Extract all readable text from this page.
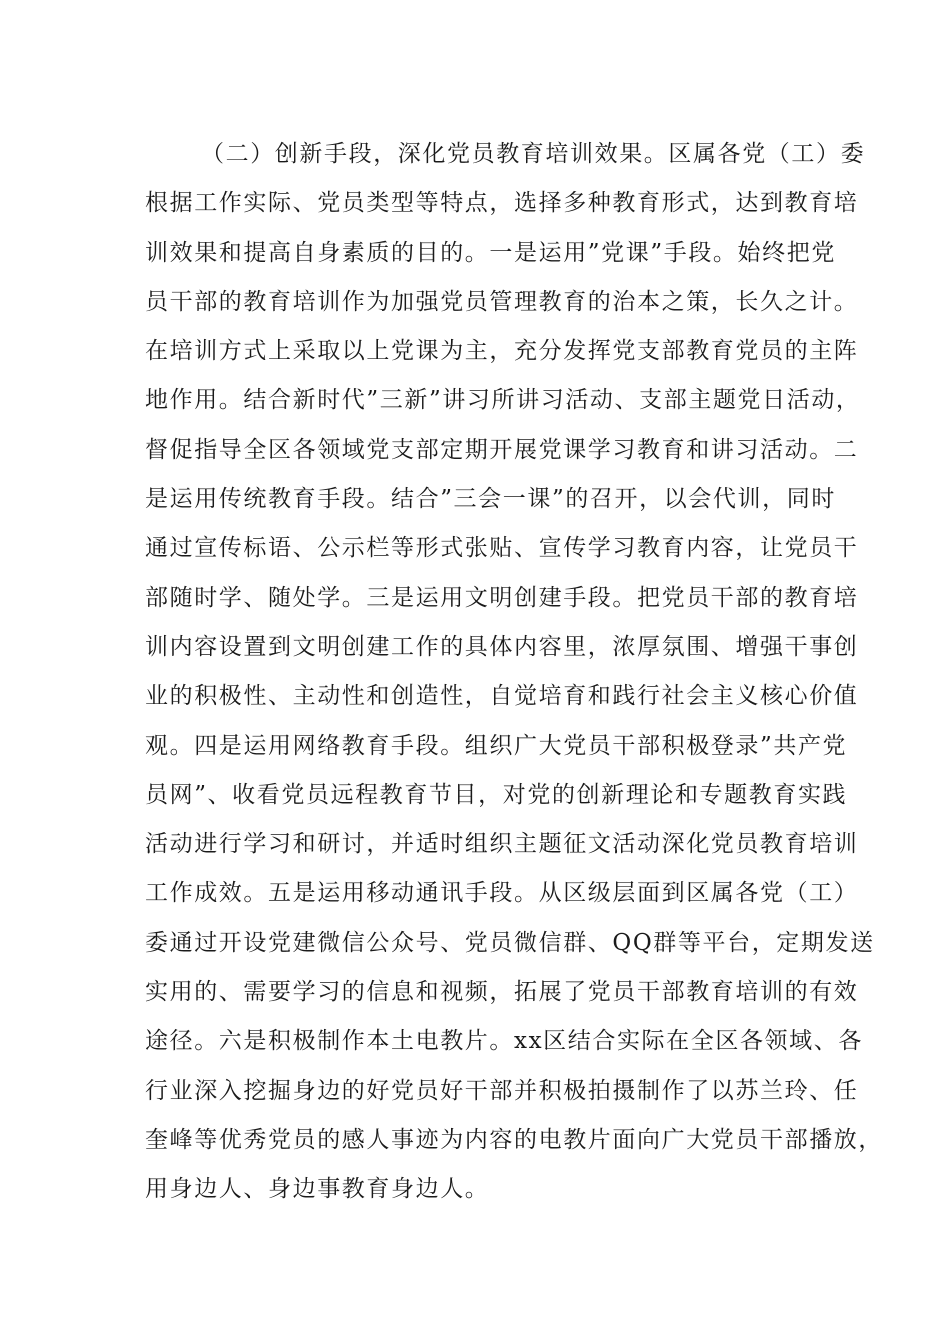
（二）创新手段，深化党员教育培训效果。区属各党（工）委
根据工作实际、党员类型等特点，选择多种教育形式，达到教育培
训效果和提高自身素质的目的。一是运用”党课”手段。始终把党
员干部的教育培训作为加强党员管理教育的治本之策，长久之计。
在培训方式上采取以上党课为主，充分发挥党支部教育党员的主阵
地作用。结合新时代”三新”讲习所讲习活动、支部主题党日活动，
督促指导全区各领域党支部定期开展党课学习教育和讲习活动。二
是运用传统教育手段。结合”三会一课”的召开，以会代训，同时
通过宣传标语、公示栏等形式张贴、宣传学习教育内容，让党员干
部随时学、随处学。三是运用文明创建手段。把党员干部的教育培
训内容设置到文明创建工作的具体内容里，浓厚氛围、增强干事创
业的积极性、主动性和创造性，自觉培育和践行社会主义核心价值
观。四是运用网络教育手段。组织广大党员干部积极登录”共产党
员网”、收看党员远程教育节目，对党的创新理论和专题教育实践
活动进行学习和研讨，并适时组织主题征文活动深化党员教育培训
工作成效。五是运用移动通讯手段。从区级层面到区属各党（工）
委通过开设党建微信公众号、党员微信群、QQ群等平台，定期发送
实用的、需要学习的信息和视频，拓展了党员干部教育培训的有效
途径。六是积极制作本土电教片。xx区结合实际在全区各领域、各
行业深入挖掘身边的好党员好干部并积极拍摄制作了以苏兰玲、任
奎峰等优秀党员的感人事迹为内容的电教片面向广大党员干部播放，
用身边人、身边事教育身边人。
